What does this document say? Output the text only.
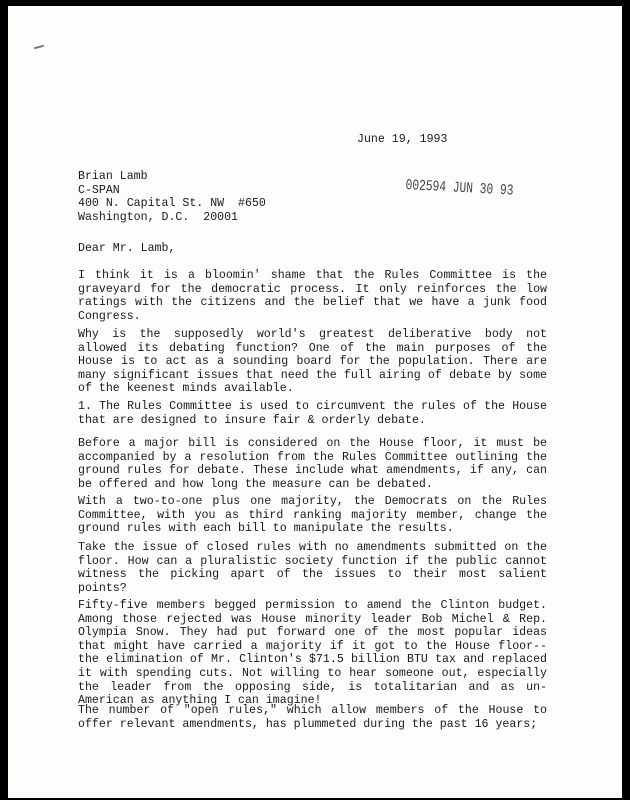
June 19, 1993
Brian Lamb
C-SPAN
400 N. Capital St. NW  #650
Washington, D.C.  20001
002594 JUN 30 93
Dear Mr. Lamb,

I think it is a bloomin' shame that the Rules Committee is the graveyard for the democratic process. It only reinforces the low ratings with the citizens and the belief that we have a junk food Congress.

Why is the supposedly world's greatest deliberative body not allowed its debating function? One of the main purposes of the House is to act as a sounding board for the population. There are many significant issues that need the full airing of debate by some of the keenest minds available.

1. The Rules Committee is used to circumvent the rules of the House that are designed to insure fair & orderly debate.

Before a major bill is considered on the House floor, it must be accompanied by a resolution from the Rules Committee outlining the ground rules for debate. These include what amendments, if any, can be offered and how long the measure can be debated.

With a two-to-one plus one majority, the Democrats on the Rules Committee, with you as third ranking majority member, change the ground rules with each bill to manipulate the results.

Take the issue of closed rules with no amendments submitted on the floor. How can a pluralistic society function if the public cannot witness the picking apart of the issues to their most salient points?

Fifty-five members begged permission to amend the Clinton budget. Among those rejected was House minority leader Bob Michel & Rep. Olympia Snow. They had put forward one of the most popular ideas that might have carried a majority if it got to the House floor-- the elimination of Mr. Clinton's $71.5 billion BTU tax and replaced it with spending cuts. Not willing to hear someone out, especially the leader from the opposing side, is totalitarian and as un-American as anything I can imagine!

The number of "open rules," which allow members of the House to offer relevant amendments, has plummeted during the past 16 years;
